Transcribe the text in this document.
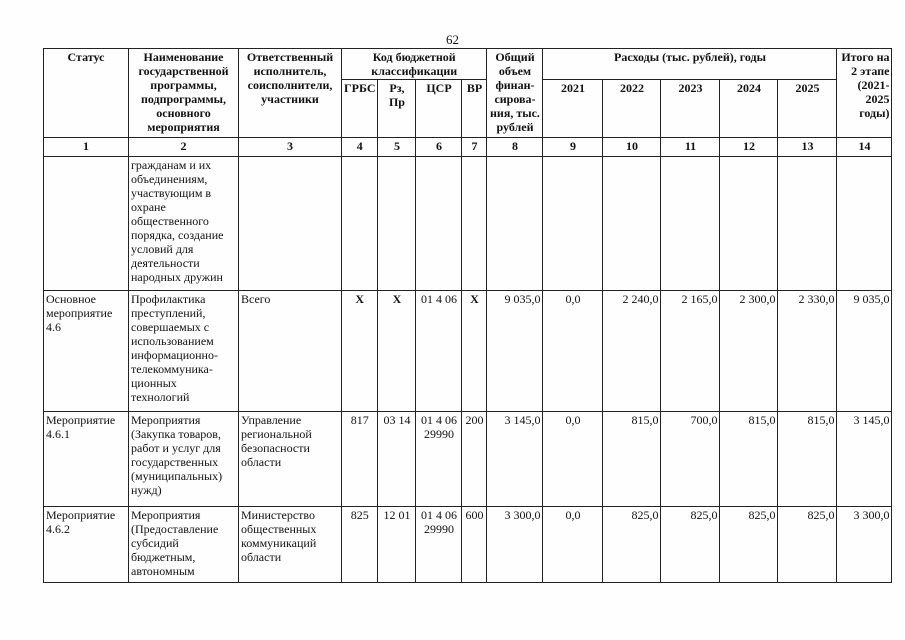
62
Статус	Наименование государственной программы, подпрограммы, основного мероприятия	Ответственный исполнитель, соисполнители, участники	Код бюджетной классификации				Общий объем финан- сирова- ния, тыс. рублей	Расходы (тыс. рублей), годы					Итого на 2 этапе (2021- 2025 годы)
			ГРБС	Рз, Пр	ЦСР	ВР		2021	2022	2023	2024	2025	
1	2	3	4	5	6	7	8	9	10	11	12	13	14
	гражданам и их объединениям, участвующим в охране общественного порядка, создание условий для деятельности народных дружин												
Основное мероприятие 4.6	Профилактика преступлений, совершаемых с использованием информационно- телекоммуника- ционных технологий	Всего	X	X	01 4 06	X	9 035,0	0,0	2 240,0	2 165,0	2 300,0	2 330,0	9 035,0
Мероприятие 4.6.1	Мероприятия (Закупка товаров, работ и услуг для государственных (муниципальных) нужд)	Управление региональной безопасности области	817	03 14	01 4 06 29990	200	3 145,0	0,0	815,0	700,0	815,0	815,0	3 145,0
Мероприятие 4.6.2	Мероприятия (Предоставление субсидий бюджетным, автономным	Министерство общественных коммуникаций области	825	12 01	01 4 06 29990	600	3 300,0	0,0	825,0	825,0	825,0	825,0	3 300,0
